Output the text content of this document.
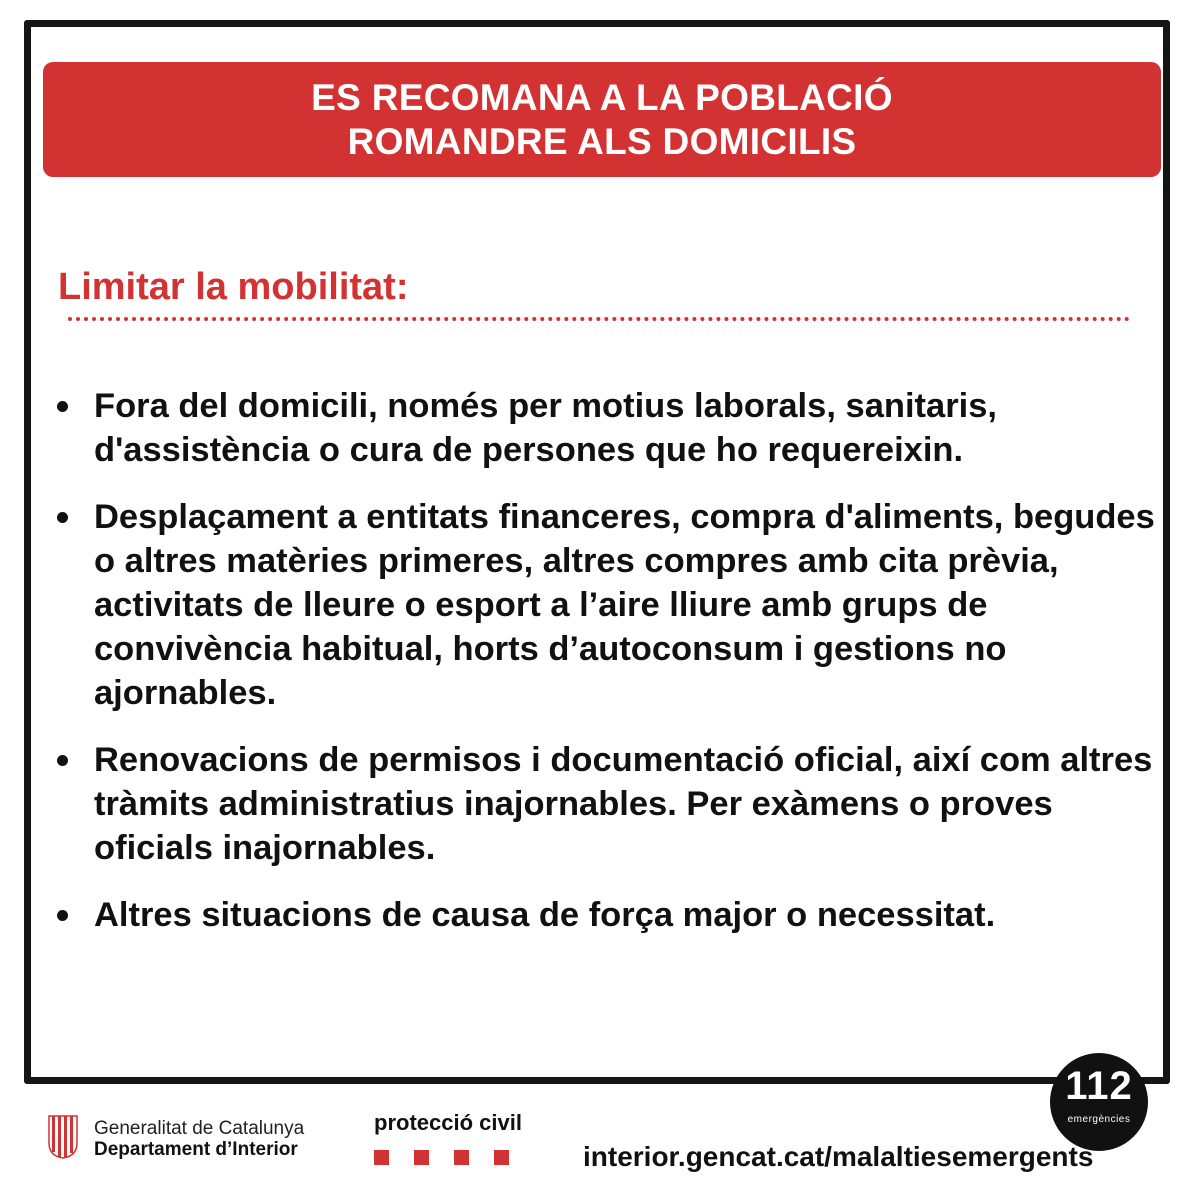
ES RECOMANA A LA POBLACIÓ
ROMANDRE ALS DOMICILIS
Limitar la mobilitat:
Fora del domicili, només per motius laborals, sanitaris, d'assistència o cura de persones que ho requereixin.
Desplaçament a entitats financeres, compra d'aliments, begudes o altres matèries primeres, altres compres amb cita prèvia, activitats de lleure o esport a l’aire lliure amb grups de convivència habitual, horts d’autoconsum i gestions no ajornables.
Renovacions de permisos i documentació oficial, així com altres tràmits administratius inajornables. Per exàmens o proves oficials inajornables.
Altres situacions de causa de força major o necessitat.
112
emergències
Generalitat de Catalunya
Departament d’Interior
protecció civil
interior.gencat.cat/malaltiesemergents
